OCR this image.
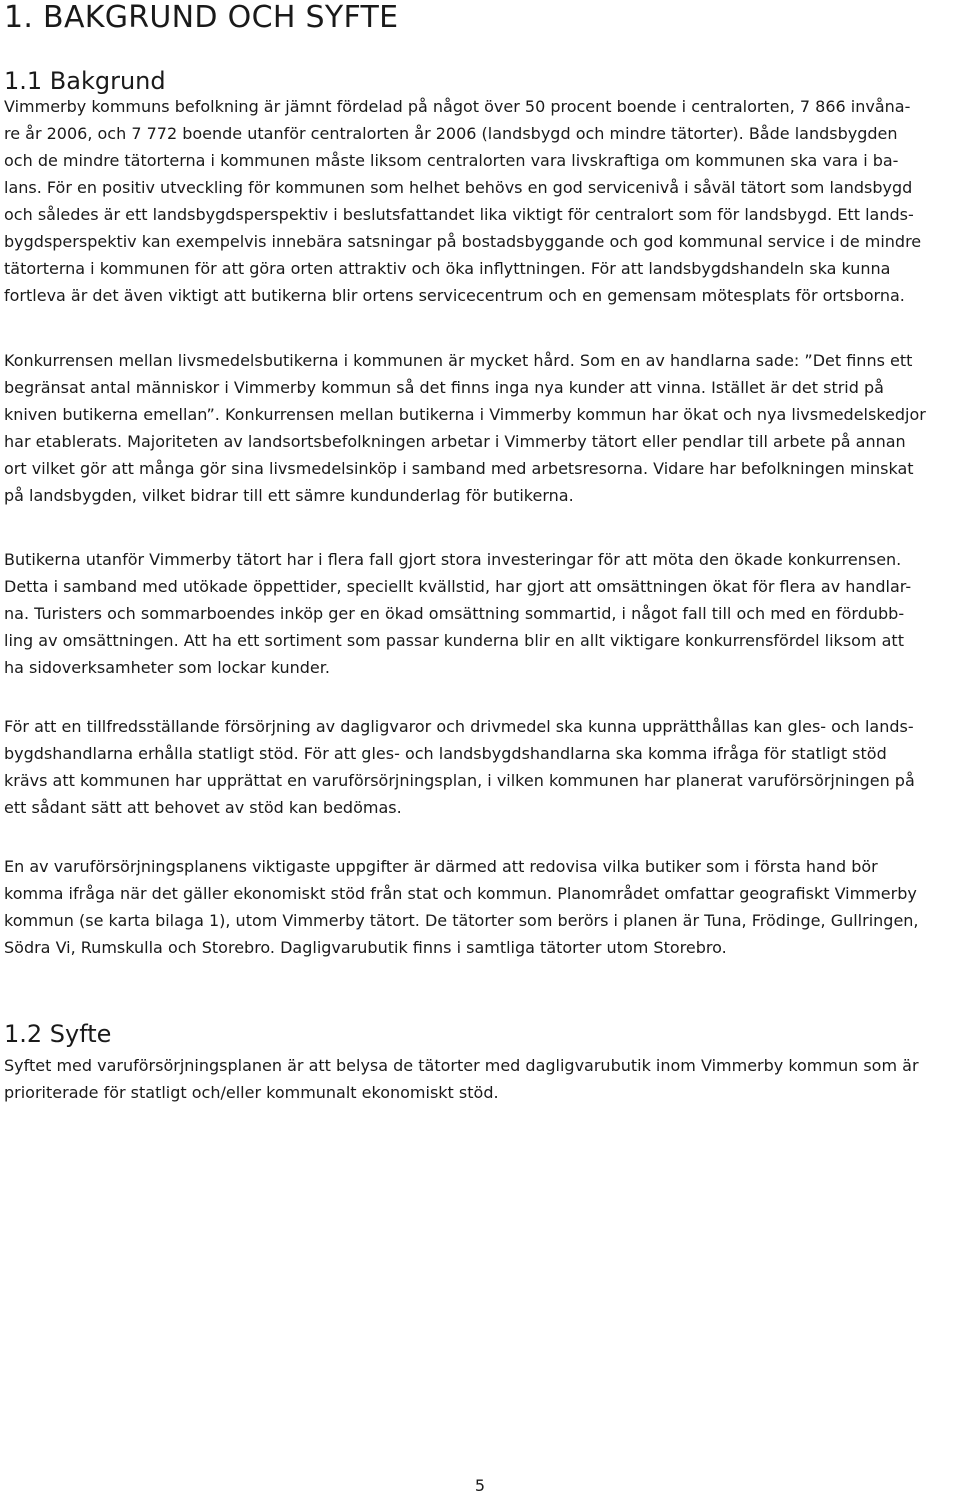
1. BAKGRUND OCH SYFTE
1.1 Bakgrund

Vimmerby kommuns befolkning är jämnt fördelad på något över 50 procent boende i centralorten, 7 866 invåna-
re år 2006, och 7 772 boende utanför centralorten år 2006 (landsbygd och mindre tätorter). Både landsbygden
och de mindre tätorterna i kommunen måste liksom centralorten vara livskraftiga om kommunen ska vara i ba-
lans. För en positiv utveckling för kommunen som helhet behövs en god servicenivå i såväl tätort som landsbygd
och således är ett landsbygdsperspektiv i beslutsfattandet lika viktigt för centralort som för landsbygd. Ett lands-
bygdsperspektiv kan exempelvis innebära satsningar på bostadsbyggande och god kommunal service i de mindre
tätorterna i kommunen för att göra orten attraktiv och öka inflyttningen. För att landsbygdshandeln ska kunna
fortleva är det även viktigt att butikerna blir ortens servicecentrum och en gemensam mötesplats för ortsborna.

Konkurrensen mellan livsmedelsbutikerna i kommunen är mycket hård. Som en av handlarna sade: ”Det finns ett
begränsat antal människor i Vimmerby kommun så det finns inga nya kunder att vinna. Istället är det strid på
kniven butikerna emellan”. Konkurrensen mellan butikerna i Vimmerby kommun har ökat och nya livsmedelskedjor
har etablerats. Majoriteten av landsortsbefolkningen arbetar i Vimmerby tätort eller pendlar till arbete på annan
ort vilket gör att många gör sina livsmedelsinköp i samband med arbetsresorna. Vidare har befolkningen minskat
på landsbygden, vilket bidrar till ett sämre kundunderlag för butikerna.

Butikerna utanför Vimmerby tätort har i flera fall gjort stora investeringar för att möta den ökade konkurrensen.
Detta i samband med utökade öppettider, speciellt kvällstid, har gjort att omsättningen ökat för flera av handlar-
na. Turisters och sommarboendes inköp ger en ökad omsättning sommartid, i något fall till och med en fördubb-
ling av omsättningen. Att ha ett sortiment som passar kunderna blir en allt viktigare konkurrensfördel liksom att
ha sidoverksamheter som lockar kunder.

För att en tillfredsställande försörjning av dagligvaror och drivmedel ska kunna upprätthållas kan gles- och lands-
bygdshandlarna erhålla statligt stöd. För att gles- och landsbygdshandlarna ska komma ifråga för statligt stöd
krävs att kommunen har upprättat en varuförsörjningsplan, i vilken kommunen har planerat varuförsörjningen på
ett sådant sätt att behovet av stöd kan bedömas.

En av varuförsörjningsplanens viktigaste uppgifter är därmed att redovisa vilka butiker som i första hand bör
komma ifråga när det gäller ekonomiskt stöd från stat och kommun. Planområdet omfattar geografiskt Vimmerby
kommun (se karta bilaga 1), utom Vimmerby tätort. De tätorter som berörs i planen är Tuna, Frödinge, Gullringen,
Södra Vi, Rumskulla och Storebro. Dagligvarubutik finns i samtliga tätorter utom Storebro.

1.2 Syfte

Syftet med varuförsörjningsplanen är att belysa de tätorter med dagligvarubutik inom Vimmerby kommun som är
prioriterade för statligt och/eller kommunalt ekonomiskt stöd.

5
